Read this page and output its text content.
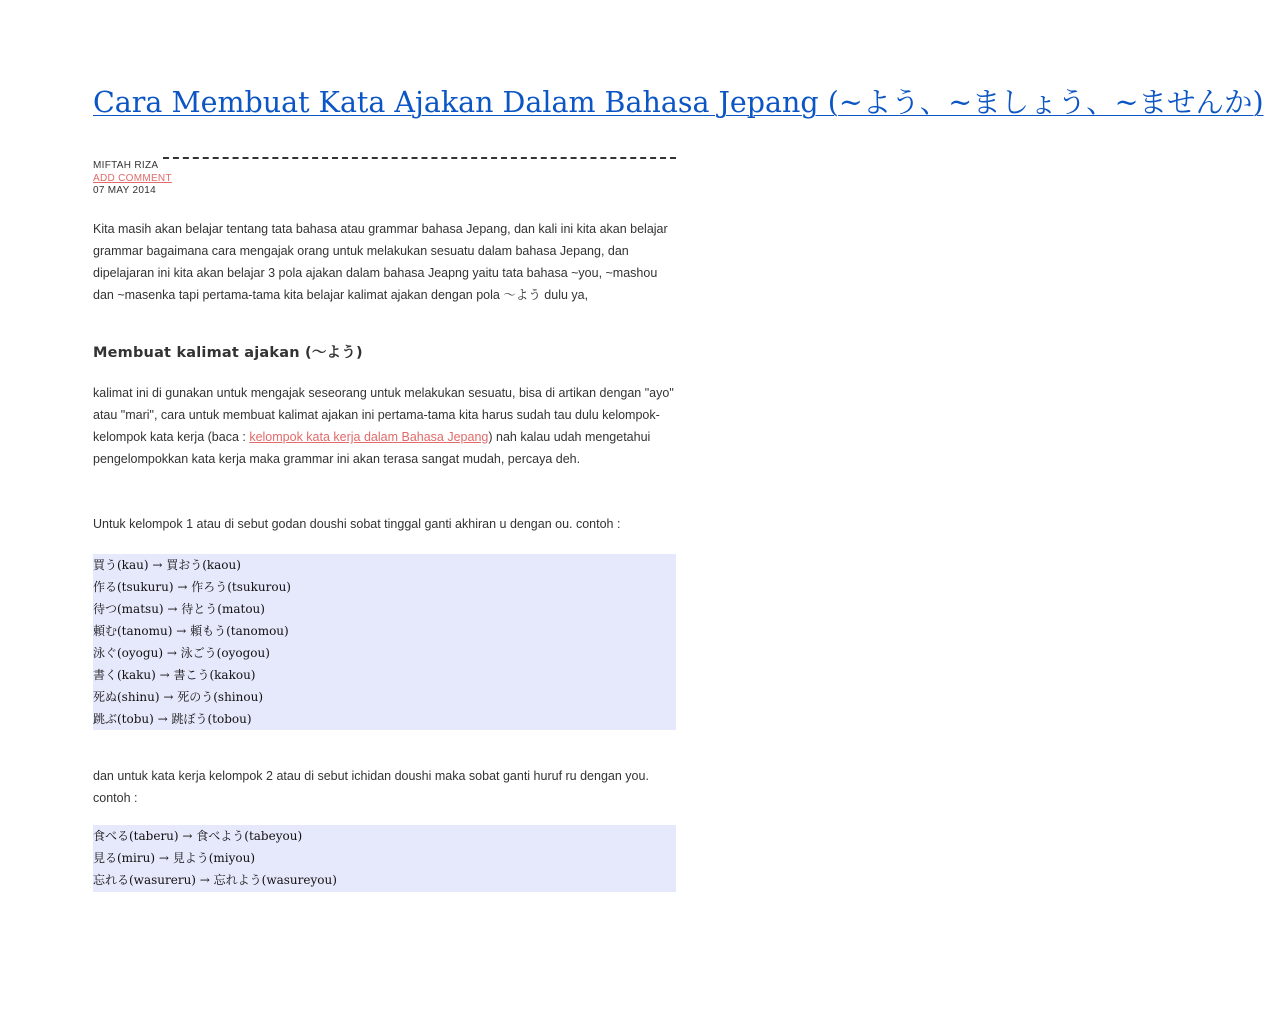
Cara Membuat Kata Ajakan Dalam Bahasa Jepang (~よう、~ましょう、~ませんか)
MIFTAH RIZA
ADD COMMENT
07 MAY 2014

Kita masih akan belajar tentang tata bahasa atau grammar bahasa Jepang, dan kali ini kita akan belajar grammar bagaimana cara mengajak orang untuk melakukan sesuatu dalam bahasa Jepang, dan dipelajaran ini kita akan belajar 3 pola ajakan dalam bahasa Jeapng yaitu tata bahasa ~you, ~mashou dan ~masenka tapi pertama-tama kita belajar kalimat ajakan dengan pola 〜よう dulu ya,

Membuat kalimat ajakan (〜よう)

kalimat ini di gunakan untuk mengajak seseorang untuk melakukan sesuatu, bisa di artikan dengan "ayo" atau "mari", cara untuk membuat kalimat ajakan ini pertama-tama kita harus sudah tau dulu kelompok-kelompok kata kerja (baca : kelompok kata kerja dalam Bahasa Jepang) nah kalau udah mengetahui pengelompokkan kata kerja maka grammar ini akan terasa sangat mudah, percaya deh.

Untuk kelompok 1 atau di sebut godan doushi sobat tinggal ganti akhiran u dengan ou. contoh :

買う(kau) → 買おう(kaou)
作る(tsukuru) → 作ろう(tsukurou)
待つ(matsu) → 待とう(matou)
頼む(tanomu) → 頼もう(tanomou)
泳ぐ(oyogu) → 泳ごう(oyogou)
書く(kaku) → 書こう(kakou)
死ぬ(shinu) → 死のう(shinou)
跳ぶ(tobu) → 跳ぼう(tobou)

dan untuk kata kerja kelompok 2 atau di sebut ichidan doushi maka sobat ganti huruf ru dengan you. contoh :

食べる(taberu) → 食べよう(tabeyou)
見る(miru) → 見よう(miyou)
忘れる(wasureru) → 忘れよう(wasureyou)
